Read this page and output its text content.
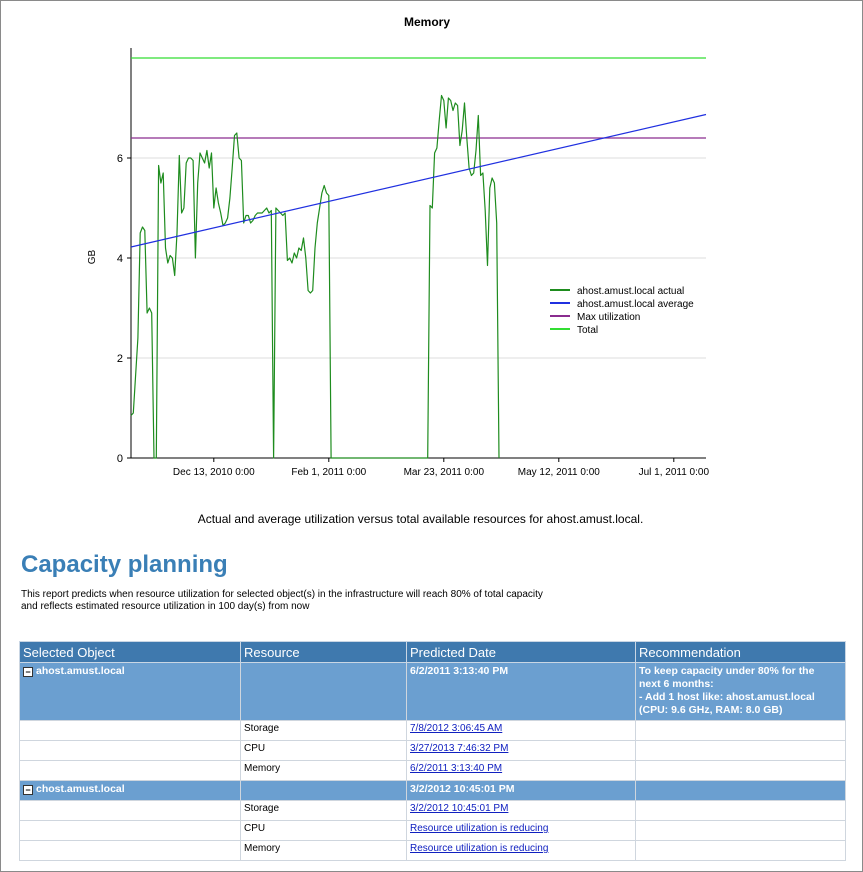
Memory
0
2
4
6
Dec 13, 2010 0:00	Feb 1, 2011 0:00	Mar 23, 2011 0:00	May 12, 2011 0:00	Jul 1, 2011 0:00
GB
ahost.amust.local actual
ahost.amust.local average
Max utilization
Total
Actual and average utilization versus total available resources for ahost.amust.local.
Capacity planning
This report predicts when resource utilization for selected object(s) in the infrastructure will reach 80% of total capacity
and reflects estimated resource utilization in 100 day(s) from now
Selected Object	Resource	Predicted Date	Recommendation
− ahost.amust.local		6/2/2011 3:13:40 PM	To keep capacity under 80% for the
next 6 months:
- Add 1 host like: ahost.amust.local
(CPU: 9.6 GHz, RAM: 8.0 GB)

	Storage	7/8/2012 3:06:45 AM	
	CPU	3/27/2013 7:46:32 PM	
	Memory	6/2/2011 3:13:40 PM	
− chost.amust.local		3/2/2012 10:45:01 PM	
	Storage	3/2/2012 10:45:01 PM	
	CPU	Resource utilization is reducing	
	Memory	Resource utilization is reducing	
